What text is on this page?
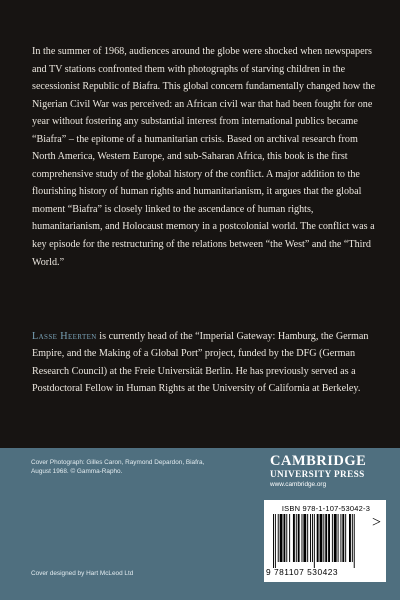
In the summer of 1968, audiences around the globe were shocked when newspapers and TV stations confronted them with photographs of starving children in the secessionist Republic of Biafra. This global concern fundamentally changed how the Nigerian Civil War was perceived: an African civil war that had been fought for one year without fostering any substantial interest from international publics became “Biafra” – the epitome of a humanitarian crisis. Based on archival research from North America, Western Europe, and sub-Saharan Africa, this book is the first comprehensive study of the global history of the conflict. A major addition to the flourishing history of human rights and humanitarianism, it argues that the global moment “Biafra” is closely linked to the ascendance of human rights, humanitarianism, and Holocaust memory in a postcolonial world. The conflict was a key episode for the restructuring of the relations between “the West” and the “Third World.”

Lasse Heerten is currently head of the “Imperial Gateway: Hamburg, the German Empire, and the Making of a Global Port” project, funded by the DFG (German Research Council) at the Freie Universität Berlin. He has previously served as a Postdoctoral Fellow in Human Rights at the University of California at Berkeley.

Cover Photograph: Gilles Caron, Raymond Depardon, Biafra, August 1968. © Gamma-Rapho.

CAMBRIDGE
UNIVERSITY PRESS
www.cambridge.org
ISBN 978-1-107-53042-3
9 781107 530423
>
Cover designed by Hart McLeod Ltd
